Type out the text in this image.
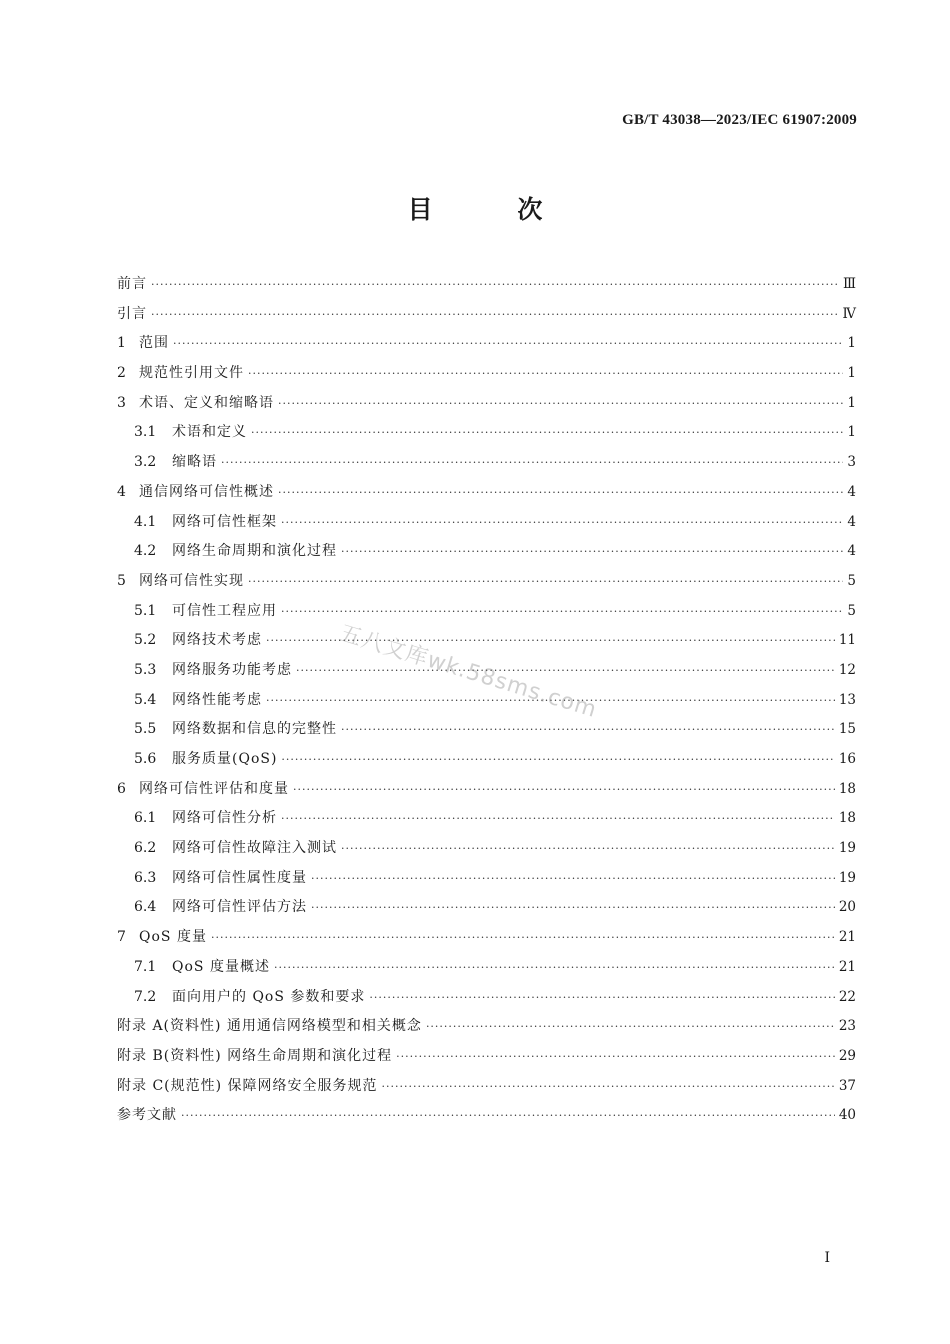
GB/T 43038—2023/IEC 61907:2009
目 次
前言 ·····	Ⅲ
引言 ·····	Ⅳ
1 范围 ·····	1
2 规范性引用文件 ·····	1
3 术语、定义和缩略语 ·····	1
3.1	术语和定义 ·····	1
3.2	缩略语 ·····	3
4 通信网络可信性概述 ·····	4
4.1	网络可信性框架 ·····	4
4.2	网络生命周期和演化过程 ·····	4
5 网络可信性实现 ·····	5
5.1	可信性工程应用 ·····	5
5.2	网络技术考虑 ·····	11
5.3	网络服务功能考虑 ·····	12
5.4	网络性能考虑 ·····	13
5.5	网络数据和信息的完整性 ·····	15
5.6	服务质量(QoS) ·····	16
6 网络可信性评估和度量 ·····	18
6.1	网络可信性分析 ·····	18
6.2	网络可信性故障注入测试 ·····	19
6.3	网络可信性属性度量 ·····	19
6.4	网络可信性评估方法 ·····	20
7 QoS 度量 ·····	21
7.1	QoS 度量概述 ·····	21
7.2	面向用户的 QoS 参数和要求 ·····	22
附录 A(资料性) 通用通信网络模型和相关概念 ·····	23
附录 B(资料性) 网络生命周期和演化过程 ·····	29
附录 C(规范性) 保障网络安全服务规范 ·····	37
参考文献 ·····	40
五八文库wk.58sms.com
I
